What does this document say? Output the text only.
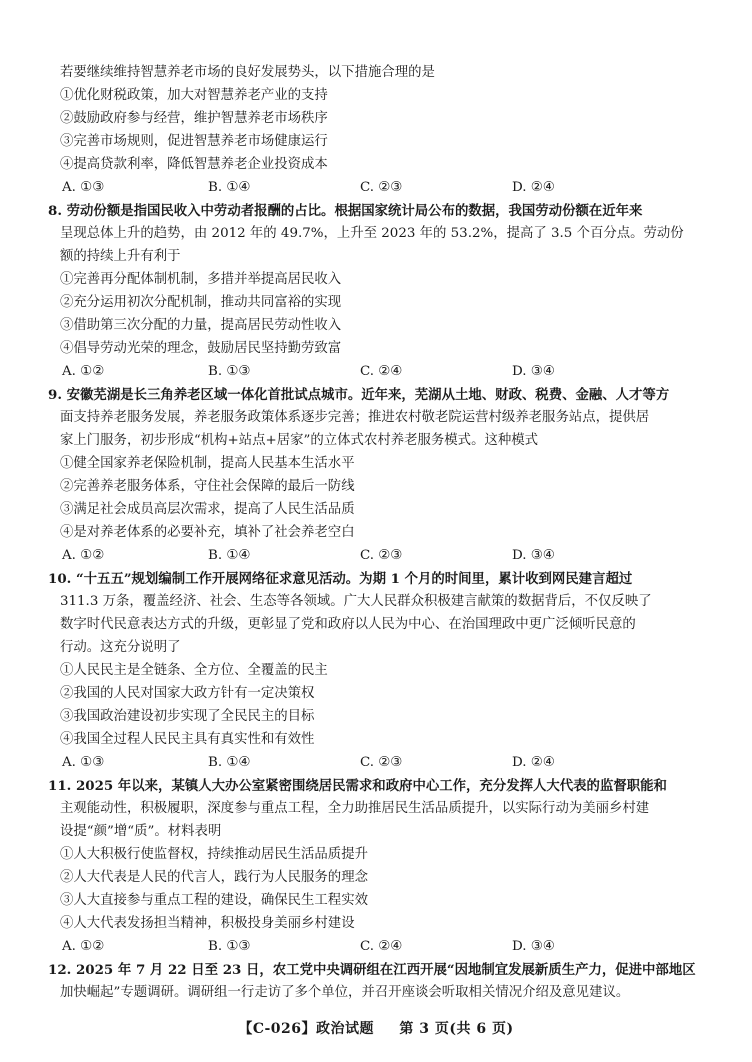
若要继续维持智慧养老市场的良好发展势头，以下措施合理的是
①优化财税政策，加大对智慧养老产业的支持
②鼓励政府参与经营，维护智慧养老市场秩序
③完善市场规则，促进智慧养老市场健康运行
④提高贷款利率，降低智慧养老企业投资成本
A. ①③	B. ①④	C. ②③	D. ②④
8. 劳动份额是指国民收入中劳动者报酬的占比。根据国家统计局公布的数据，我国劳动份额在近年来
呈现总体上升的趋势，由 2012 年的 49.7%，上升至 2023 年的 53.2%，提高了 3.5 个百分点。劳动份
额的持续上升有利于
①完善再分配体制机制，多措并举提高居民收入
②充分运用初次分配机制，推动共同富裕的实现
③借助第三次分配的力量，提高居民劳动性收入
④倡导劳动光荣的理念，鼓励居民坚持勤劳致富
A. ①②	B. ①③	C. ②④	D. ③④
9. 安徽芜湖是长三角养老区域一体化首批试点城市。近年来，芜湖从土地、财政、税费、金融、人才等方
面支持养老服务发展，养老服务政策体系逐步完善；推进农村敬老院运营村级养老服务站点，提供居
家上门服务，初步形成“机构+站点+居家”的立体式农村养老服务模式。这种模式
①健全国家养老保险机制，提高人民基本生活水平
②完善养老服务体系，守住社会保障的最后一防线
③满足社会成员高层次需求，提高了人民生活品质
④是对养老体系的必要补充，填补了社会养老空白
A. ①②	B. ①④	C. ②③	D. ③④
10. “十五五”规划编制工作开展网络征求意见活动。为期 1 个月的时间里，累计收到网民建言超过
311.3 万条，覆盖经济、社会、生态等各领域。广大人民群众积极建言献策的数据背后，不仅反映了
数字时代民意表达方式的升级，更彰显了党和政府以人民为中心、在治国理政中更广泛倾听民意的
行动。这充分说明了
①人民民主是全链条、全方位、全覆盖的民主
②我国的人民对国家大政方针有一定决策权
③我国政治建设初步实现了全民民主的目标
④我国全过程人民民主具有真实性和有效性
A. ①③	B. ①④	C. ②③	D. ②④
11. 2025 年以来，某镇人大办公室紧密围绕居民需求和政府中心工作，充分发挥人大代表的监督职能和
主观能动性，积极履职，深度参与重点工程，全力助推居民生活品质提升，以实际行动为美丽乡村建
设提“颜”增“质”。材料表明
①人大积极行使监督权，持续推动居民生活品质提升
②人大代表是人民的代言人，践行为人民服务的理念
③人大直接参与重点工程的建设，确保民生工程实效
④人大代表发扬担当精神，积极投身美丽乡村建设
A. ①②	B. ①③	C. ②④	D. ③④
12. 2025 年 7 月 22 日至 23 日，农工党中央调研组在江西开展“因地制宜发展新质生产力，促进中部地区
加快崛起”专题调研。调研组一行走访了多个单位，并召开座谈会听取相关情况介绍及意见建议。
【C-026】政治试题 第 3 页(共 6 页)
